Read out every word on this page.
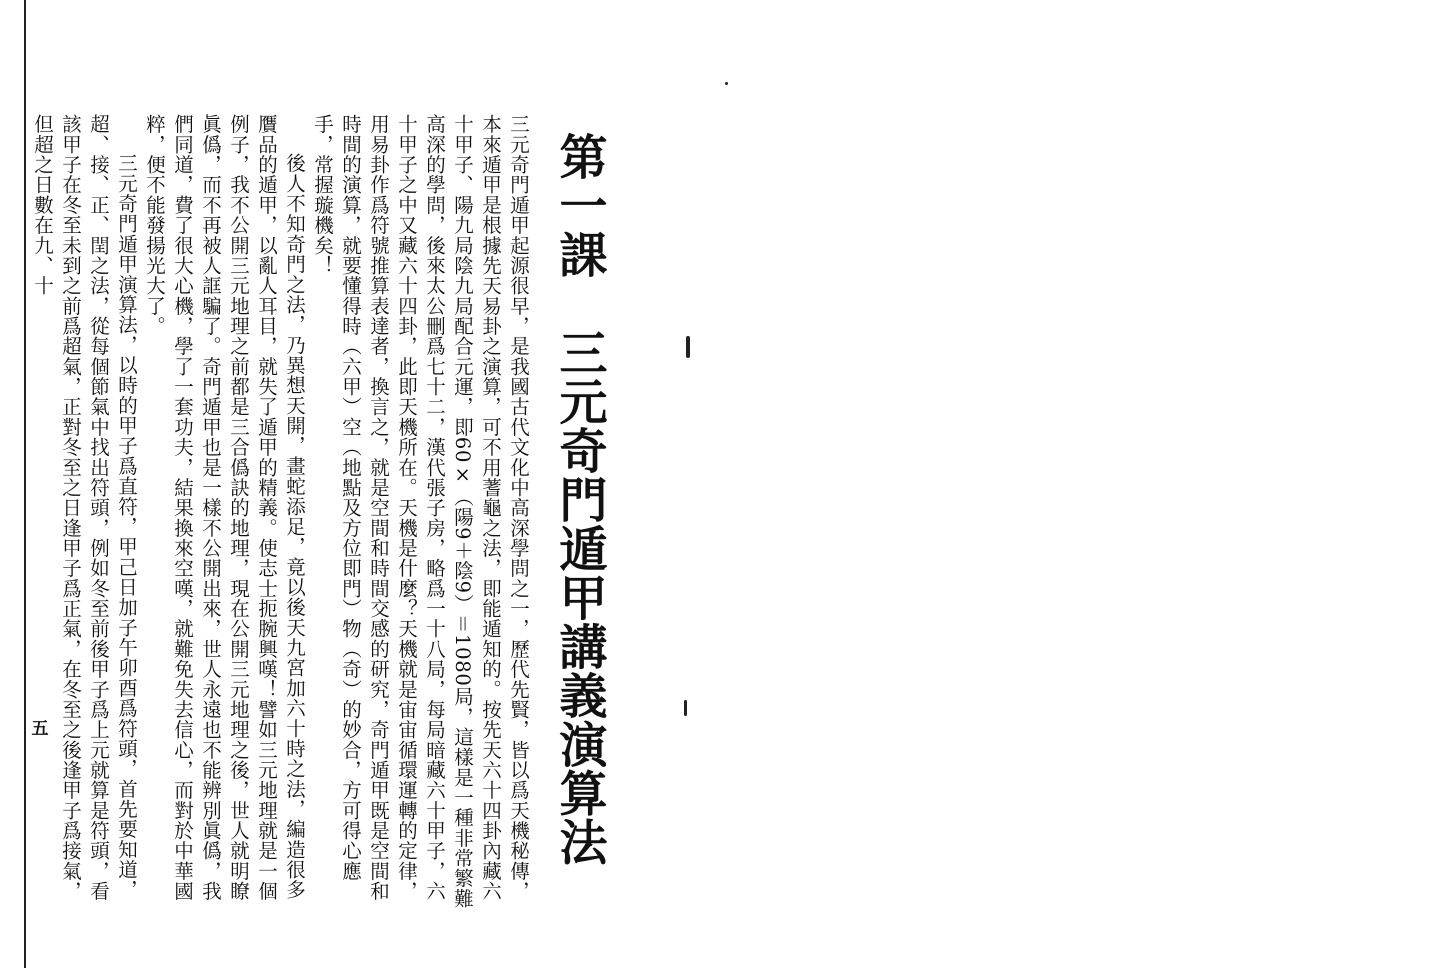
第一課　三元奇門遁甲講義演算法

三元奇門遁甲起源很早，是我國古代文化中高深學問之一，歷代先賢，皆以爲天機秘傳，本來遁甲是根據先天易卦之演算，可不用蓍龜之法，即能遁知的。按先天六十四卦內藏六十甲子、陽九局陰九局配合元運，即60×（陽9＋陰9）＝1080局，這樣是一種非常繁難高深的學問，後來太公刪爲七十二，漢代張子房，略爲一十八局，每局暗藏六十甲子，六十甲子之中又藏六十四卦，此即天機所在。天機是什麼？天機就是宙宙循環運轉的定律，用易卦作爲符號推算表達者，換言之，就是空間和時間交感的研究，奇門遁甲既是空間和時間的演算，就要懂得時（六甲）空（地點及方位即門）物（奇）的妙合，方可得心應手，常握璇機矣！

後人不知奇門之法，乃異想天開，畫蛇添足，竟以後天九宮加六十時之法，編造很多贋品的遁甲，以亂人耳目，就失了遁甲的精義。使志士扼腕興嘆！譬如三元地理就是一個例子，我不公開三元地理之前都是三合僞訣的地理，現在公開三元地理之後，世人就明瞭眞僞，而不再被人誆騙了。奇門遁甲也是一樣不公開出來，世人永遠也不能辨別眞僞，我們同道，費了很大心機，學了一套功夫，結果換來空嘆，就難免失去信心，而對於中華國粹，便不能發揚光大了。

三元奇門遁甲演算法，以時的甲子爲直符，甲己日加子午卯酉爲符頭，首先要知道，超、接、正、閏之法，從每個節氣中找出符頭，例如冬至前後甲子爲上元就算是符頭，看該甲子在冬至未到之前爲超氣，正對冬至之日逢甲子爲正氣，在冬至之後逢甲子爲接氣，但超之日數在九、十

五
